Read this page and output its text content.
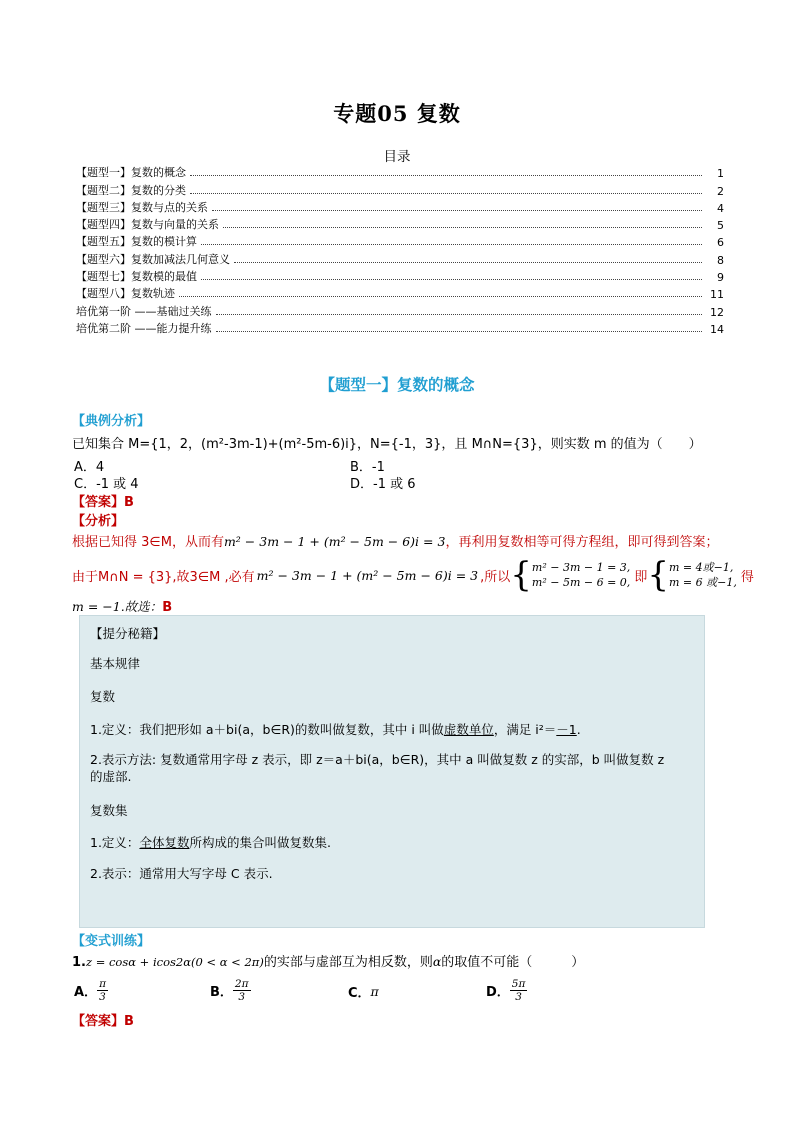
专题05 复数
目录
【题型一】复数的概念	1
【题型二】复数的分类	2
【题型三】复数与点的关系	4
【题型四】复数与向量的关系	5
【题型五】复数的模计算	6
【题型六】复数加减法几何意义	8
【题型七】复数模的最值	9
【题型八】复数轨迹	11
培优第一阶 ——基础过关练	12
培优第二阶 ——能力提升练	14
【题型一】复数的概念
【典例分析】
已知集合 M={1，2，(m²-3m-1)+(m²-5m-6)i}，N={-1，3}，且 M∩N={3}，则实数 m 的值为（　　）
A．4	B．-1
C．-1 或 4	D．-1 或 6
【答案】B
【分析】
根据已知得 3∈M，从而有m² − 3m − 1 + (m² − 5m − 6)i = 3，再利用复数相等可得方程组，即可得到答案；
由于M∩N = {3},故3∈M ,必有 m² − 3m − 1 + (m² − 5m − 6)i = 3 ,所以 { m² − 3m − 1 = 3,
m² − 5m − 6 = 0, 即 { m = 4或−1,
m = 6 或−1, 得
m = −1.故选：B
【提分秘籍】
基本规律
复数
1.定义：我们把形如 a＋bi(a，b∈R)的数叫做复数，其中 i 叫做虚数单位，满足 i²＝－1.
2.表示方法: 复数通常用字母 z 表示，即 z＝a＋bi(a，b∈R)，其中 a 叫做复数 z 的实部，b 叫做复数 z
的虚部.
复数集
1.定义：全体复数所构成的集合叫做复数集.
2.表示：通常用大写字母 C 表示.
【变式训练】
1.z = cosα + icos2α(0 < α < 2π)的实部与虚部互为相反数，则α的取值不可能（　　　）
A． $\frac{\pi}{3}$	B． $\frac{2\pi}{3}$	C． π	D． $\frac{5\pi}{3}$
【答案】B
